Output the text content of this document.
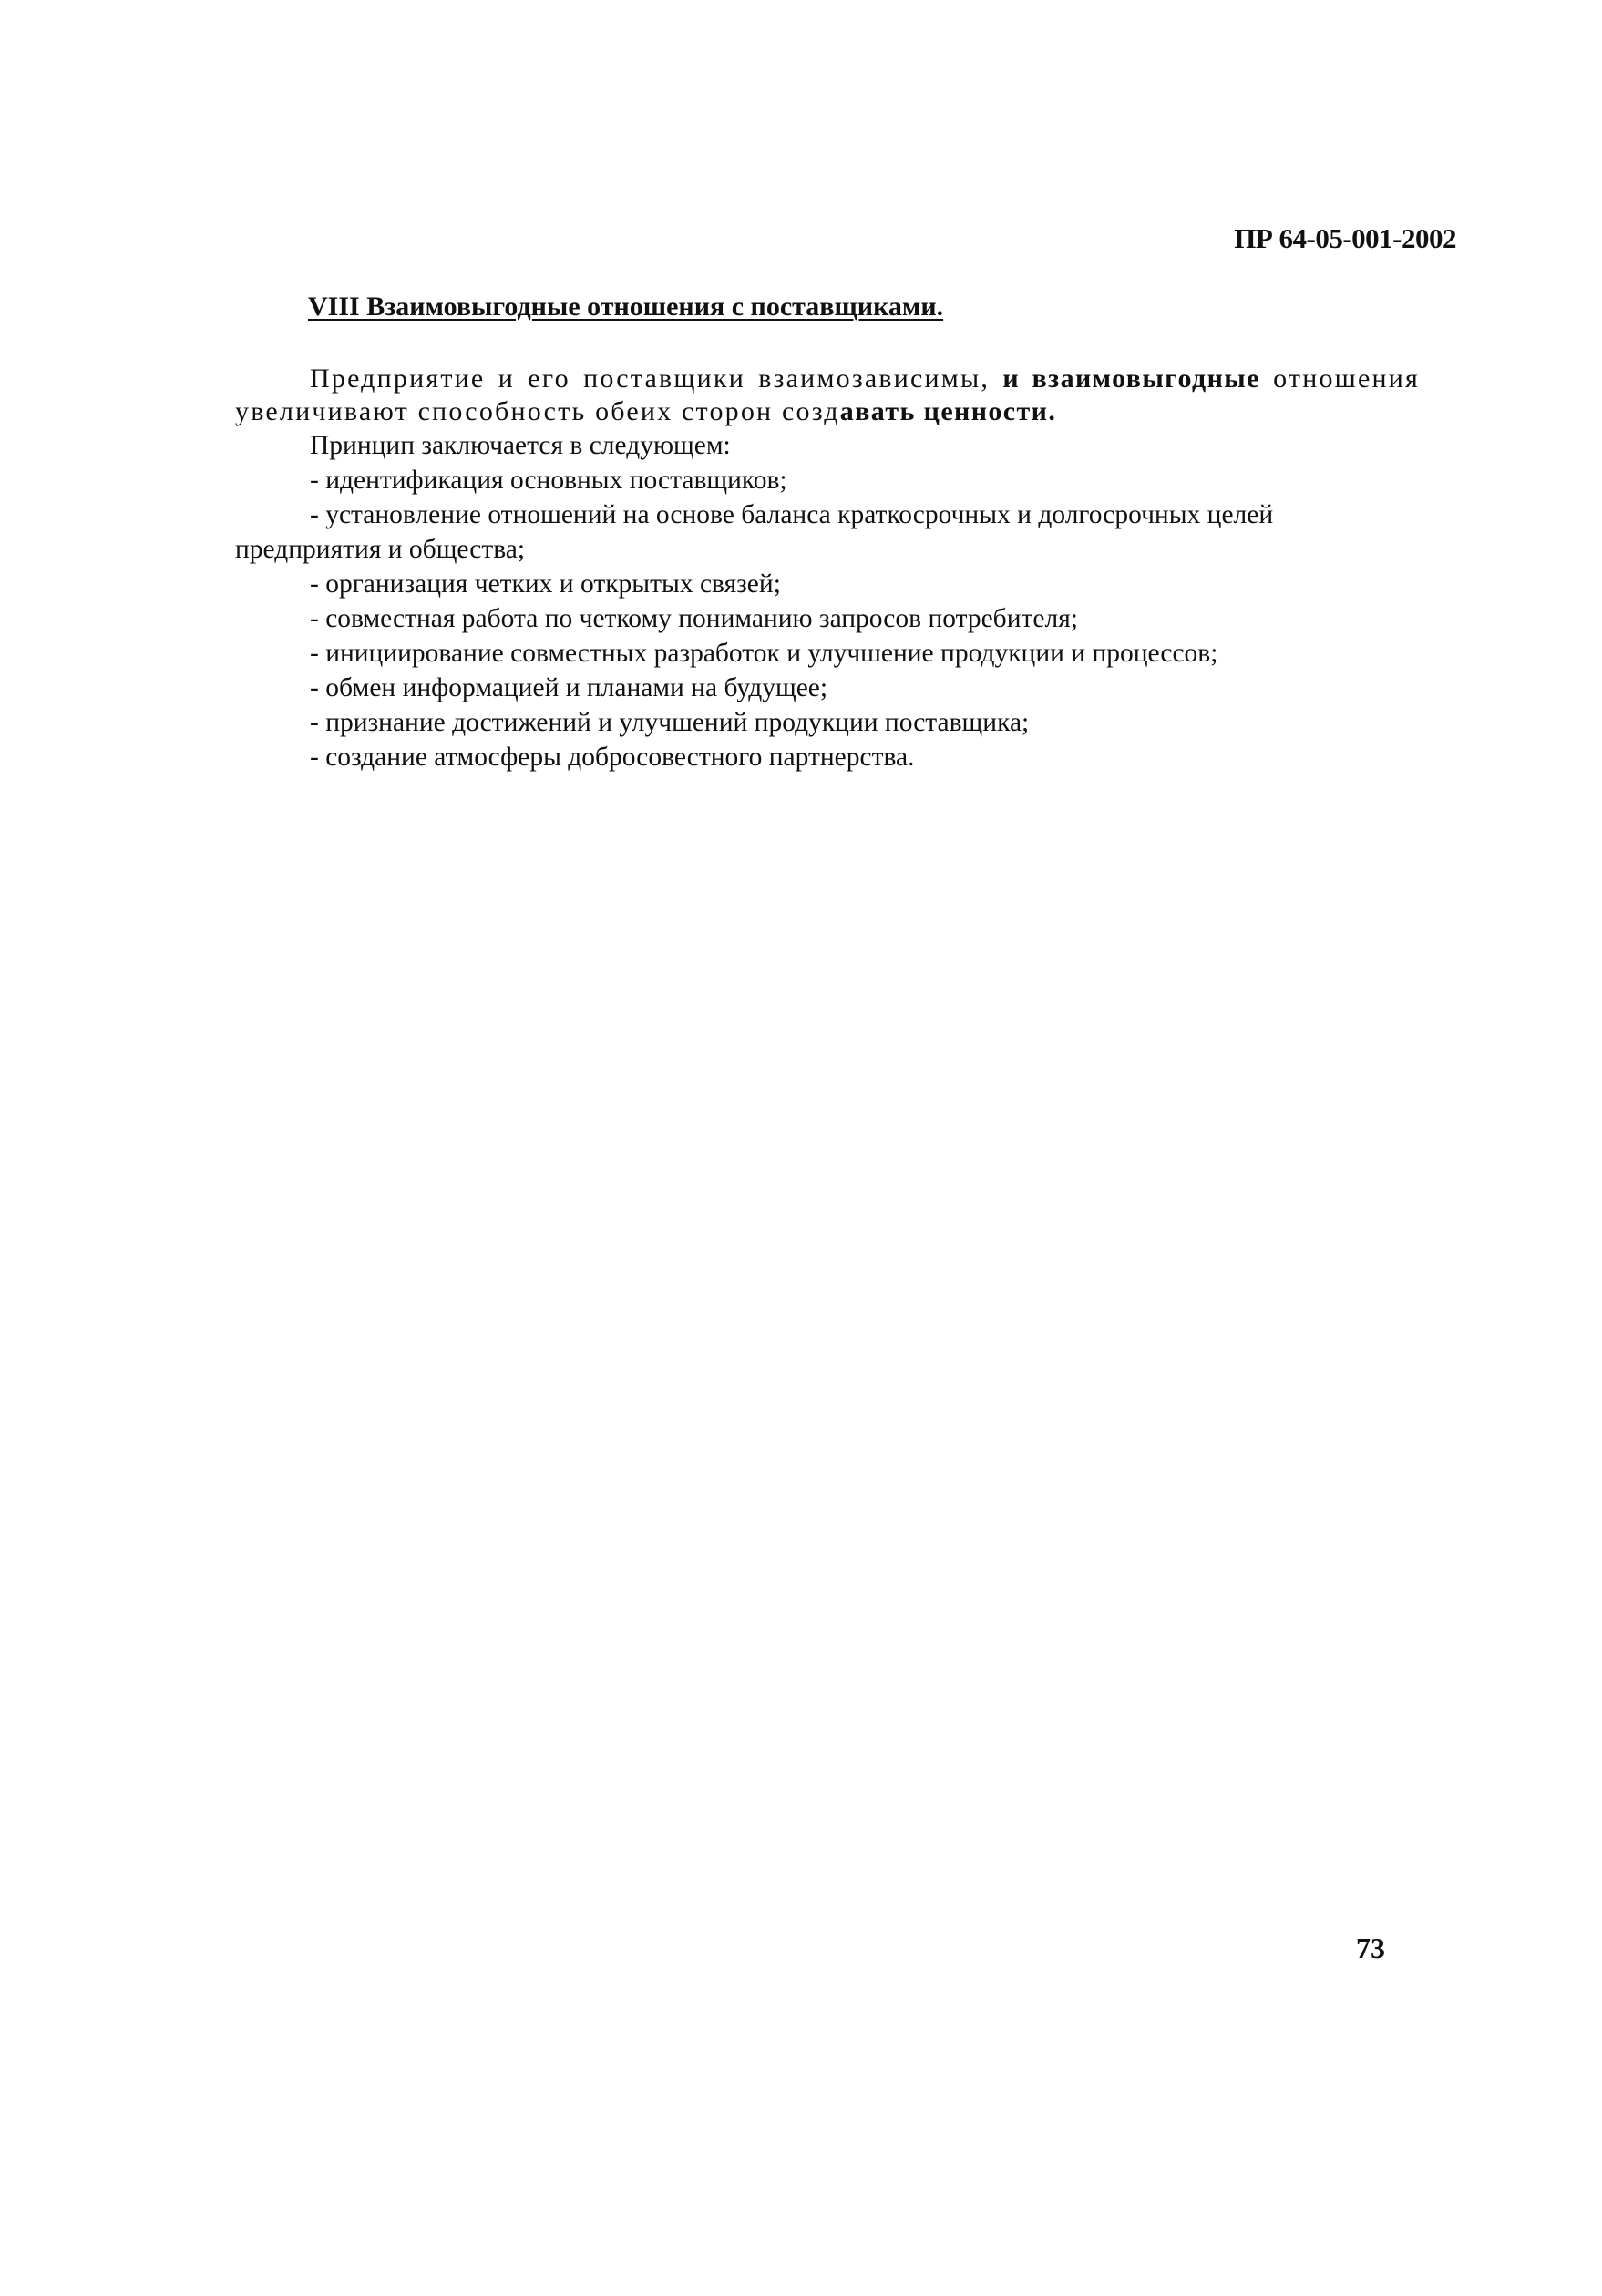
ПР 64-05-001-2002
VIII Взаимовыгодные отношения с поставщиками.

Предприятие и его поставщики взаимозависимы, и взаимовыгодные отношения увеличивают способность обеих сторон создавать ценности.

Принцип заключается в следующем:

- идентификация основных поставщиков;

- установление отношений на основе баланса краткосрочных и долгосрочных целей предприятия и общества;

- организация четких и открытых связей;

- совместная работа по четкому пониманию запросов потребителя;

- инициирование совместных разработок и улучшение продукции и процессов;

- обмен информацией и планами на будущее;

- признание достижений и улучшений продукции поставщика;

- создание атмосферы добросовестного партнерства.

73
